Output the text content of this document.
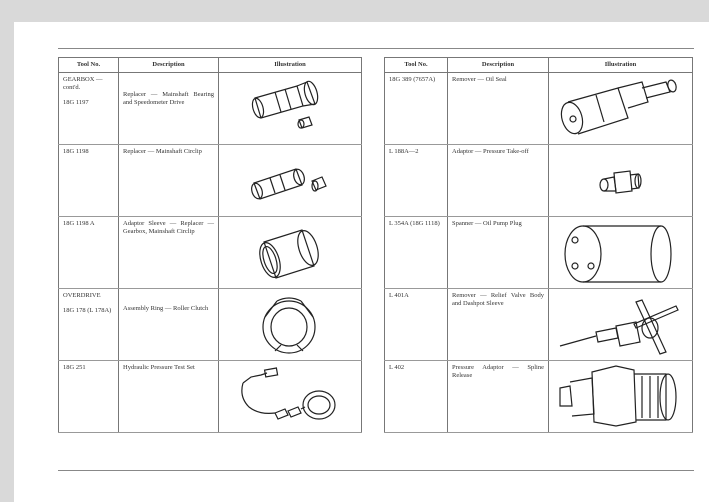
Tool No.	Description	Illustration

GEARBOX — cont'd.
18G 1197	Replacer — Mainshaft Bearing and Speedometer Drive	

18G 1198	Replacer — Mainshaft Circlip	

18G 1198 A	Adaptor Sleeve — Replacer — Gearbox, Mainshaft Circlip	

OVERDRIVE
18G 178 (L 178A)	Assembly Ring — Roller Clutch	

18G 251	Hydraulic Pressure Test Set	
Tool No.	Description	Illustration
18G 389 (7657A)	Remover — Oil Seal	

L 188A—2	Adaptor — Pressure Take-off	

L 354A (18G 1118)	Spanner — Oil Pump Plug	

L 401A	Remover — Relief Valve Body and Dashpot Sleeve	

L 402	Pressure Adaptor — Spline Release	
